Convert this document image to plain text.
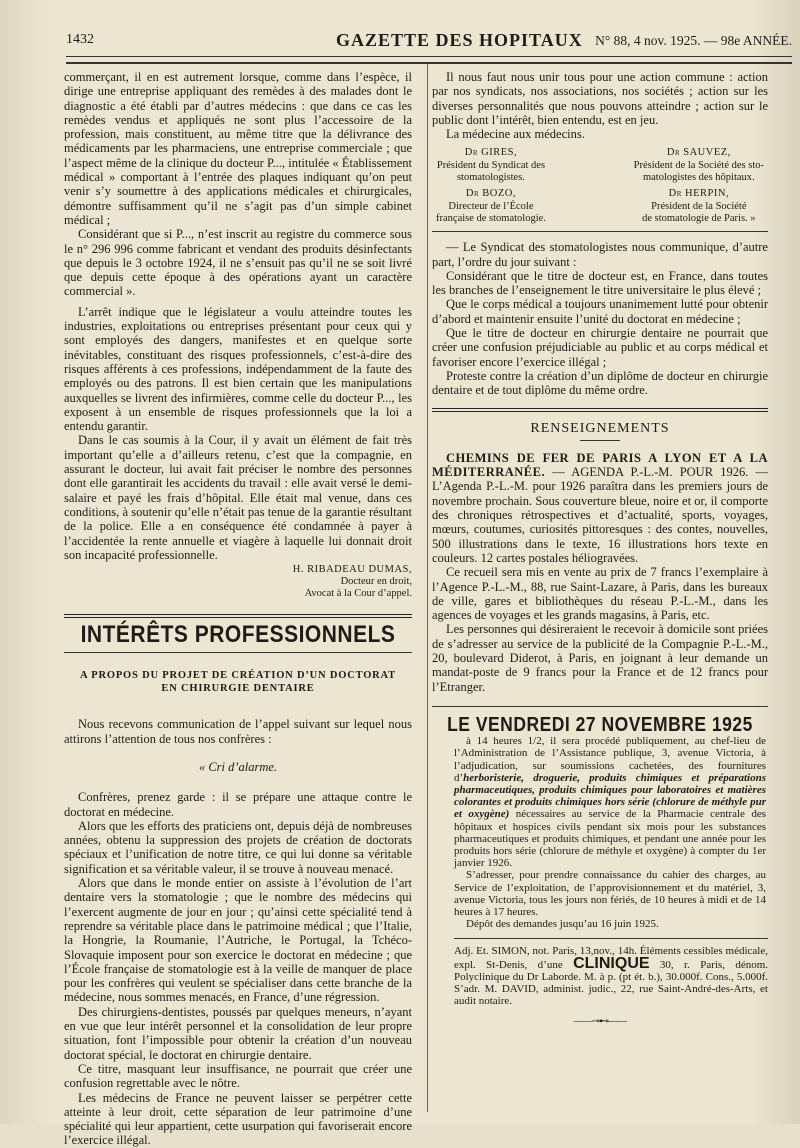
1432	GAZETTE DES HOPITAUX N° 88, 4 nov. 1925. — 98e ANNÉE.

commerçant, il en est autrement lorsque, comme dans l’espèce, il dirige une entreprise appliquant des remèdes à des malades dont le diagnostic a été établi par d’autres médecins : que dans ce cas les remèdes vendus et appliqués ne sont plus l’accessoire de la profession, mais constituent, au même titre que la délivrance des médicaments par les pharmaciens, une entreprise commerciale ; que l’aspect même de la clinique du docteur P..., intitulée « Établissement médical » comportant à l’entrée des plaques indiquant qu’on peut venir s’y soumettre à des applications médicales et chirurgicales, démontre suffisamment qu’il ne s’agit pas d’un simple cabinet médical ;

Considérant que si P..., n’est inscrit au registre du commerce sous le n° 296 996 comme fabricant et vendant des produits désinfectants que depuis le 3 octobre 1924, il ne s’ensuit pas qu’il ne se soit livré que depuis cette époque à des opérations ayant un caractère commercial ».

L’arrêt indique que le législateur a voulu atteindre toutes les industries, exploitations ou entreprises présentant pour ceux qui y sont employés des dangers, manifestes et en quelque sorte inévitables, constituant des risques professionnels, c’est-à-dire des risques afférents à ces professions, indépendamment de la faute des employés ou des patrons. Il est bien certain que les manipulations auxquelles se livrent des infirmières, comme celle du docteur P..., les exposent à un ensemble de risques professionnels que la loi a entendu garantir.

Dans le cas soumis à la Cour, il y avait un élément de fait très important qu’elle a d’ailleurs retenu, c’est que la compagnie, en assurant le docteur, lui avait fait préciser le nombre des personnes dont elle garantirait les accidents du travail : elle avait versé le demi-salaire et payé les frais d’hôpital. Elle était mal venue, dans ces conditions, à soutenir qu’elle n’était pas tenue de la garantie résultant de la police. Elle a en conséquence été condamnée à payer à l’accidentée la rente annuelle et viagère à laquelle lui donnait droit son incapacité professionnelle.

H. RIBADEAU DUMAS,
Docteur en droit,
Avocat à la Cour d’appel.
INTÉRÊTS PROFESSIONNELS
A PROPOS DU PROJET DE CRÉATION D’UN DOCTORAT
EN CHIRURGIE DENTAIRE

Nous recevons communication de l’appel suivant sur lequel nous attirons l’attention de tous nos confrères :

« Cri d’alarme.

Confrères, prenez garde : il se prépare une attaque contre le doctorat en médecine.

Alors que les efforts des praticiens ont, depuis déjà de nombreuses années, obtenu la suppression des projets de création de doctorats spéciaux et l’unification de notre titre, ce qui lui donne sa véritable signification et sa véritable valeur, il se trouve à nouveau menacé.

Alors que dans le monde entier on assiste à l’évolution de l’art dentaire vers la stomatologie ; que le nombre des médecins qui l’exercent augmente de jour en jour ; qu’ainsi cette spécialité tend à reprendre sa véritable place dans le patrimoine médical ; que l’Italie, la Hongrie, la Roumanie, l’Autriche, le Portugal, la Tchéco-Slovaquie imposent pour son exercice le doctorat en médecine ; que l’École française de stomatologie est à la veille de manquer de place pour les confrères qui veulent se spécialiser dans cette branche de la médecine, nous sommes menacés, en France, d’une régression.

Des chirurgiens-dentistes, poussés par quelques meneurs, n’ayant en vue que leur intérêt personnel et la consolidation de leur propre situation, font l’impossible pour obtenir la création d’un nouveau doctorat spécial, le doctorat en chirurgie dentaire.

Ce titre, masquant leur insuffisance, ne pourrait que créer une confusion regrettable avec le nôtre.

Les médecins de France ne peuvent laisser se perpétrer cette atteinte à leur droit, cette séparation de leur patrimoine d’une spécialité qui leur appartient, cette usurpation qui favoriserait encore l’exercice illégal.

Il nous faut nous unir tous pour une action commune : action par nos syndicats, nos associations, nos sociétés ; action sur les diverses personnalités que nous pouvons atteindre ; action sur le public dont l’intérêt, bien entendu, est en jeu.

La médecine aux médecins.

Dr GIRES,
Président du Syndicat des
stomatologistes.
Dr BOZO,
Directeur de l’École
française de stomatologie.
Dr SAUVEZ,
Président de la Société des sto-
matologistes des hôpitaux.
Dr HERPIN,
Président de la Société
de stomatologie de Paris. »

— Le Syndicat des stomatologistes nous communique, d’autre part, l’ordre du jour suivant :

Considérant que le titre de docteur est, en France, dans toutes les branches de l’enseignement le titre universitaire le plus élevé ;

Que le corps médical a toujours unanimement lutté pour obtenir d’abord et maintenir ensuite l’unité du doctorat en médecine ;

Que le titre de docteur en chirurgie dentaire ne pourrait que créer une confusion préjudiciable au public et au corps médical et favoriser encore l’exercice illégal ;

Proteste contre la création d’un diplôme de docteur en chirurgie dentaire et de tout diplôme du même ordre.

RENSEIGNEMENTS

CHEMINS DE FER DE PARIS A LYON ET A LA MÉDITERRANÉE. — AGENDA P.-L.-M. POUR 1926. — L’Agenda P.-L.-M. pour 1926 paraîtra dans les premiers jours de novembre prochain. Sous couverture bleue, noire et or, il comporte des chroniques rétrospectives et d’actualité, sports, voyages, mœurs, coutumes, curiosités pittoresques : des contes, nouvelles, 500 illustrations dans le texte, 16 illustrations hors texte en couleurs. 12 cartes postales héliogravées.

Ce recueil sera mis en vente au prix de 7 francs l’exemplaire à l’Agence P.-L.-M., 88, rue Saint-Lazare, à Paris, dans les bureaux de ville, gares et bibliothèques du réseau P.-L.-M., dans les agences de voyages et les grands magasins, à Paris, etc.

Les personnes qui désireraient le recevoir à domicile sont priées de s’adresser au service de la publicité de la Compagnie P.-L.-M., 20, boulevard Diderot, à Paris, en joignant à leur demande un mandat-poste de 9 francs pour la France et de 12 francs pour l’Etranger.

LE VENDREDI 27 NOVEMBRE 1925

à 14 heures 1/2, il sera procédé publiquement, au chef-lieu de l’Administration de l’Assistance publique, 3, avenue Victoria, à l’adjudication, sur soumissions cachetées, des fournitures d’herboristerie, droguerie, produits chimiques et préparations pharmaceutiques, produits chimiques pour laboratoires et matières colorantes et produits chimiques hors série (chlorure de méthyle pur et oxygène) nécessaires au service de la Pharmacie centrale des hôpitaux et hospices civils pendant six mois pour les substances pharmaceutiques et produits chimiques, et pendant une année pour les produits hors série (chlorure de méthyle et oxygène) à compter du 1er janvier 1926.

S’adresser, pour prendre connaissance du cahier des charges, au Service de l’exploitation, de l’approvisionnement et du matériel, 3, avenue Victoria, tous les jours non fériés, de 10 heures à midi et de 14 heures à 17 heures.

Dépôt des demandes jusqu’au 16 juin 1925.

Adj. Et. SIMON, not. Paris, 13,nov., 14h. Éléments cessibles médicale, expl. St-Denis, d’une CLINIQUE 30, r. Paris, dénom. Polyclinique du Dr Laborde. M. à p. (pt ét. b.), 30.000f. Cons., 5.000f. S’adr. M. DAVID, administ. judic., 22, rue Saint-André-des-Arts, et audit notaire.
——⊸⊷——
